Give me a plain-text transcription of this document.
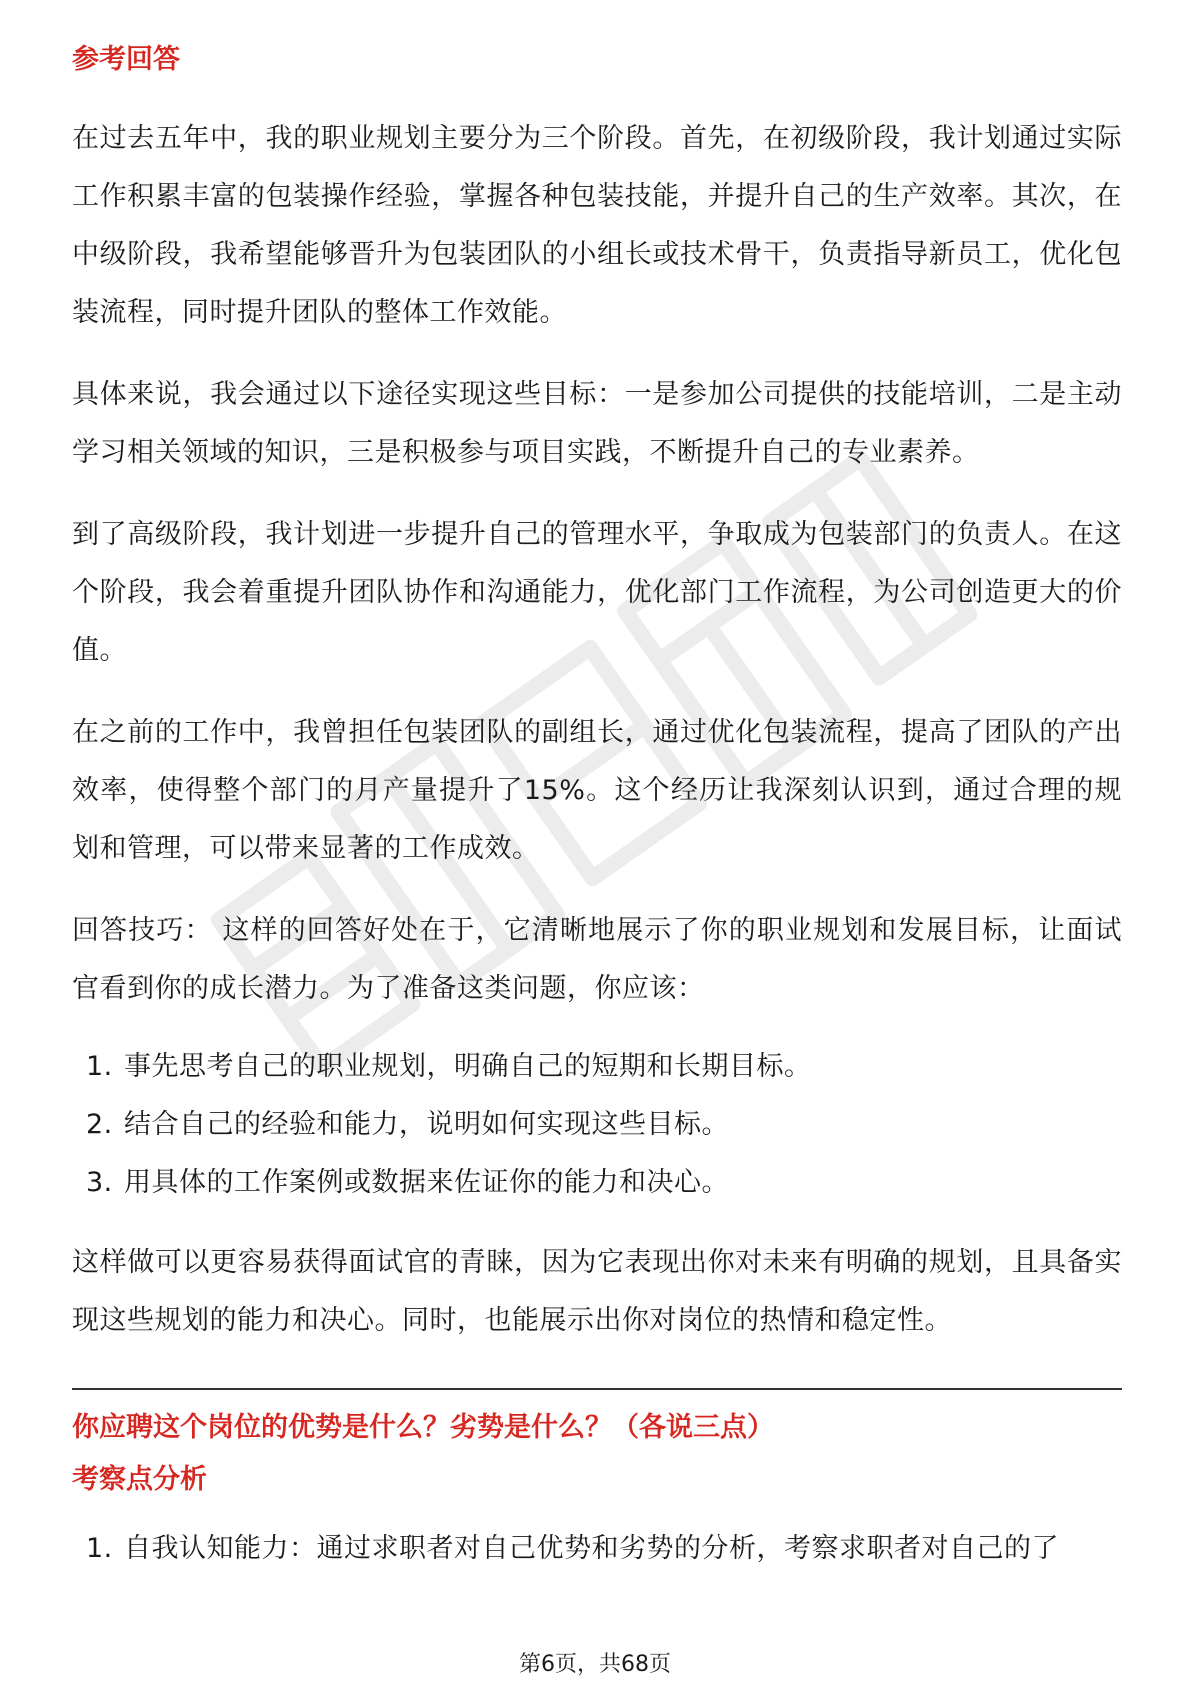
参考回答

在过去五年中，我的职业规划主要分为三个阶段。首先，在初级阶段，我计划通过实际工作积累丰富的包装操作经验，掌握各种包装技能，并提升自己的生产效率。其次，在中级阶段，我希望能够晋升为包装团队的小组长或技术骨干，负责指导新员工，优化包装流程，同时提升团队的整体工作效能。

具体来说，我会通过以下途径实现这些目标：一是参加公司提供的技能培训，二是主动学习相关领域的知识，三是积极参与项目实践，不断提升自己的专业素养。

到了高级阶段，我计划进一步提升自己的管理水平，争取成为包装部门的负责人。在这个阶段，我会着重提升团队协作和沟通能力，优化部门工作流程，为公司创造更大的价值。

在之前的工作中，我曾担任包装团队的副组长，通过优化包装流程，提高了团队的产出效率，使得整个部门的月产量提升了15%。这个经历让我深刻认识到，通过合理的规划和管理，可以带来显著的工作成效。

回答技巧： 这样的回答好处在于，它清晰地展示了你的职业规划和发展目标，让面试官看到你的成长潜力。为了准备这类问题，你应该：

1. 事先思考自己的职业规划，明确自己的短期和长期目标。
2. 结合自己的经验和能力，说明如何实现这些目标。
3. 用具体的工作案例或数据来佐证你的能力和决心。

这样做可以更容易获得面试官的青睐，因为它表现出你对未来有明确的规划，且具备实现这些规划的能力和决心。同时，也能展示出你对岗位的热情和稳定性。

你应聘这个岗位的优势是什么？劣势是什么？（各说三点）
考察点分析
1. 自我认知能力：通过求职者对自己优势和劣势的分析，考察求职者对自己的了
第6页，共68页
